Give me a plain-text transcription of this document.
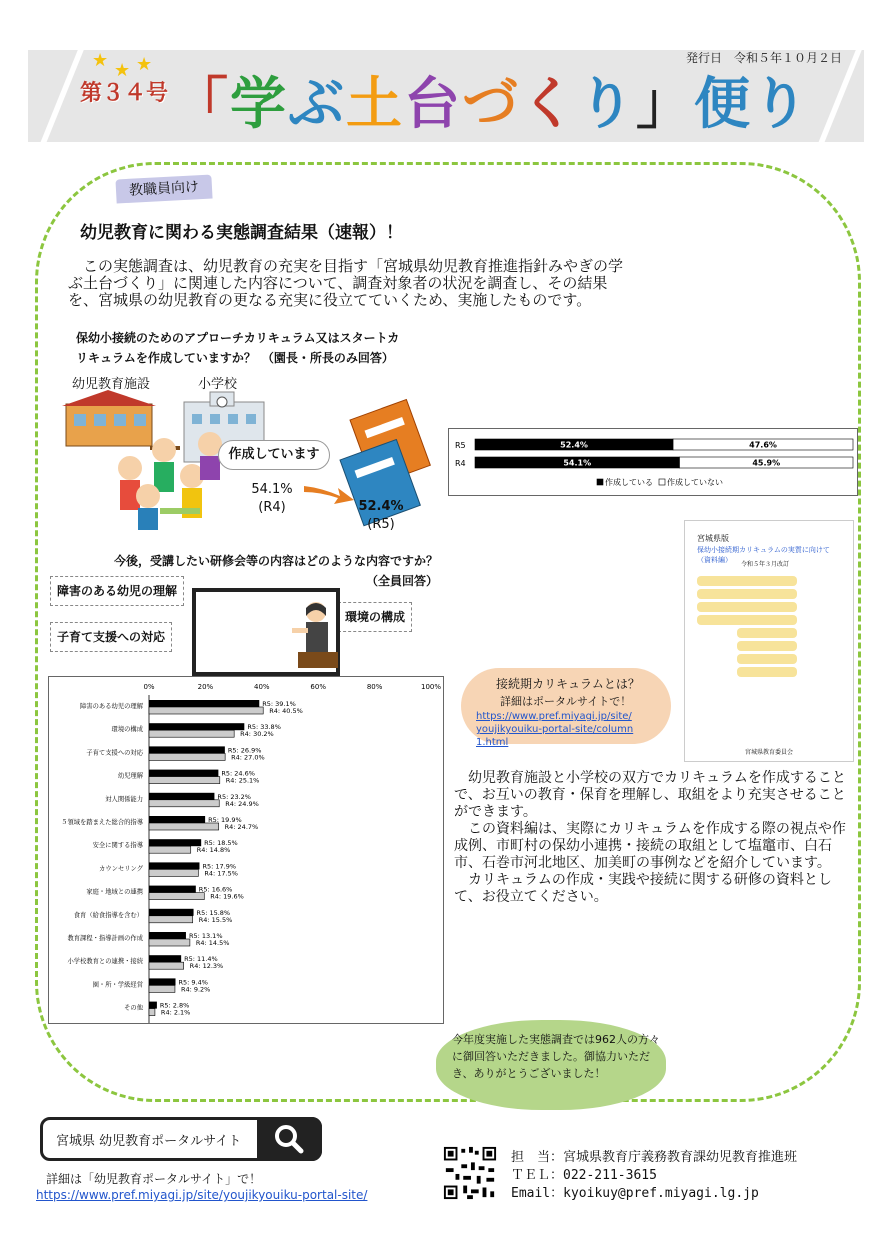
★ ★ ★
第３４号 「学ぶ土台づくり」便り
発行日　令和５年１０月２日
教職員向け
幼児教育に関わる実態調査結果（速報）！
この実態調査は、幼児教育の充実を目指す「宮城県幼児教育推進指針みやぎの学ぶ土台づくり」に関連した内容について、調査対象者の状況を調査し、その結果を、宮城県の幼児教育の更なる充実に役立てていくため、実施したものです。
保幼小接続のためのアプローチカリキュラム又はスタートカ
リキュラムを作成していますか？　（園長・所長のみ回答）
幼児教育施設	小学校
作成しています
54.1%
(R4)	52.4%
(R5)
R5	52.4%	47.6%
R4	54.1%	45.9%
作成している 作成していない
今後，受講したい研修会等の内容はどのような内容ですか？
（全員回答）
障害のある幼児の理解
子育て支援への対応
環境の構成
0%	20%	40%	60%	80%	100%
障害のある幼児の理解	R5: 39.1%
R4: 40.5%
環境の構成	R5: 33.8%
R4: 30.2%
子育て支援への対応	R5: 26.9%
R4: 27.0%
幼児理解	R5: 24.6%
R4: 25.1%
対人関係能力	R5: 23.2%
R4: 24.9%
５領域を踏まえた総合的指導	R5: 19.9%
R4: 24.7%
安全に関する指導	R5: 18.5%
R4: 14.8%
カウンセリング	R5: 17.9%
R4: 17.5%
家庭・地域との連携	R5: 16.6%
R4: 19.6%
食育（給食指導を含む）	R5: 15.8%
R4: 15.5%
教育課程・指導計画の作成	R5: 13.1%
R4: 14.5%
小学校教育との連携・接続	R5: 11.4%
R4: 12.3%
園・所・学級経営	R5: 9.4%
R4: 9.2%
その他	R5: 2.8%
R4: 2.1%
宮城県版
保幼小接続期カリキュラムの実質に向けて（資料編）
令和５年３月改訂
宮城県教育委員会
接続期カリキュラムとは？
詳細はポータルサイトで！
https://www.pref.miyagi.jp/site/youjikyouiku-portal-site/column1.html

幼児教育施設と小学校の双方でカリキュラムを作成することで、お互いの教育・保育を理解し、取組をより充実させることができます。

この資料編は、実際にカリキュラムを作成する際の視点や作成例、市町村の保幼小連携・接続の取組として塩竈市、白石市、石巻市河北地区、加美町の事例などを紹介しています。

カリキュラムの作成・実践や接続に関する研修の資料として、お役立てください。

今年度実施した実態調査では962人の方々に御回答いただきました。御協力いただき、ありがとうございました！
宮城県 幼児教育ポータルサイト
詳細は「幼児教育ポータルサイト」で！
https://www.pref.miyagi.jp/site/youjikyouiku-portal-site/
担　当：宮城県教育庁義務教育課幼児教育推進班
ＴＥＬ：022-211-3615
Email：kyoikuy@pref.miyagi.lg.jp
